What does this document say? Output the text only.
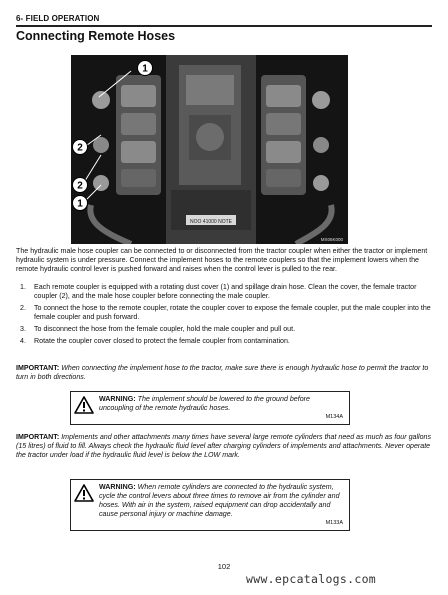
6- FIELD OPERATION
Connecting Remote Hoses
1
2
2
1
NOO 41000 NOTE
MX06K000

The hydraulic male hose coupler can be connected to or disconnected from the tractor coupler when either the tractor or implement hydraulic system is under pressure. Connect the implement hoses to the remote couplers so that the implement lowers when the remote hydraulic control lever is pushed forward and raises when the control lever is pulled to the rear.

1.	Each remote coupler is equipped with a rotating dust cover (1) and spillage drain hose. Clean the cover, the female tractor coupler (2), and the male hose coupler before connecting the male coupler.
2.	To connect the hose to the remote coupler, rotate the coupler cover to expose the female coupler, put the male coupler into the female coupler and push forward.
3.	To disconnect the hose from the female coupler, hold the male coupler and pull out.
4.	Rotate the coupler cover closed to protect the female coupler from contamination.
IMPORTANT: When connecting the implement hose to the tractor, make sure there is enough hydraulic hose to permit the tractor to turn in both directions.
WARNING: The implement should be lowered to the ground before uncoupling of the remote hydraulic hoses.
M134A
IMPORTANT: Implements and other attachments many times have several large remote cylinders that need as much as four gallons (15 litres) of fluid to fill. Always check the hydraulic fluid level after charging cylinders of implements and attachments. Never operate the tractor under load if the hydraulic fluid level is below the LOW mark.
WARNING: When remote cylinders are connected to the hydraulic system, cycle the control levers about three times to remove air from the cylinder and hoses. With air in the system, raised equipment can drop accidentally and cause personal injury or machine damage.
M133A
102
www.epcatalogs.com
